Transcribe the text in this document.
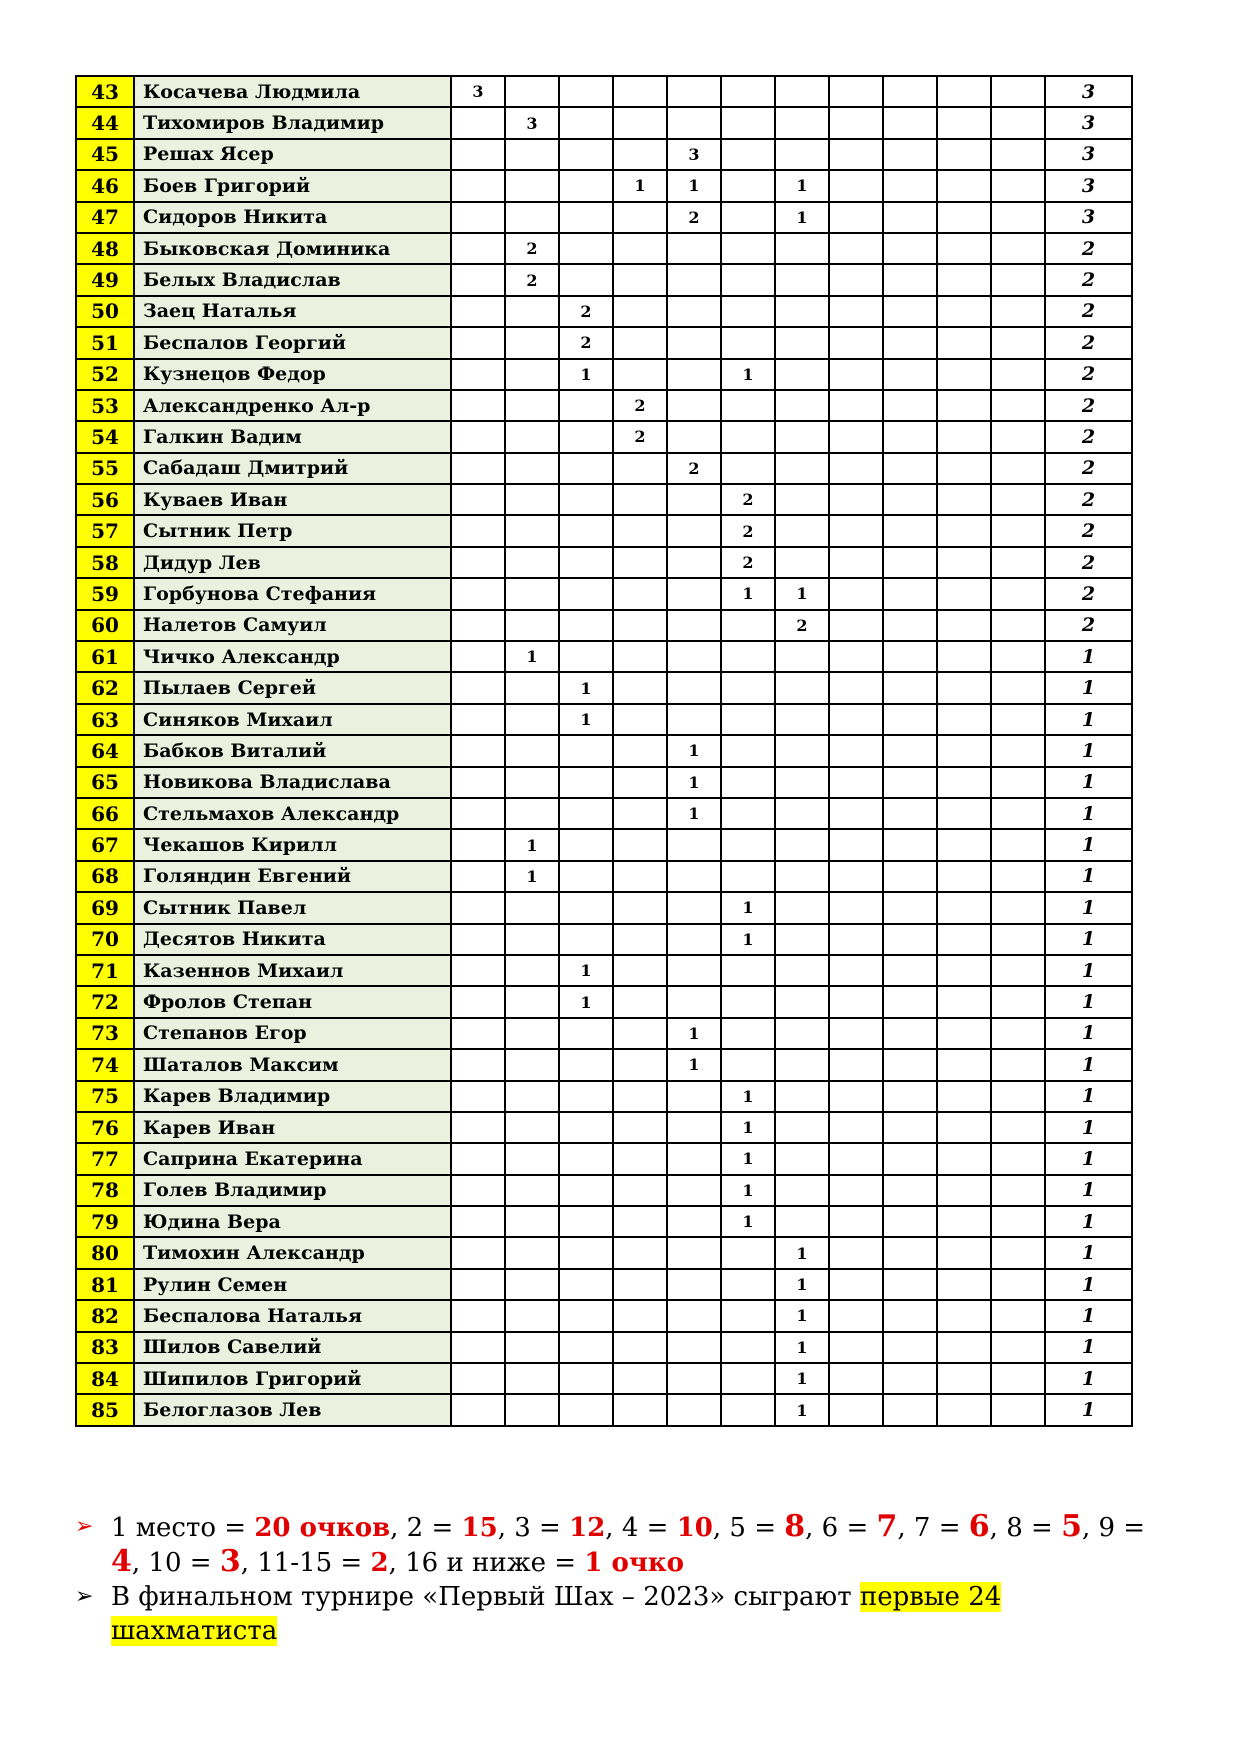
43	Косачева Людмила	3											3
44	Тихомиров Владимир		3										3
45	Решах Ясер					3							3
46	Боев Григорий				1	1		1					3
47	Сидоров Никита					2		1					3
48	Быковская Доминика		2										2
49	Белых Владислав		2										2
50	Заец Наталья			2									2
51	Беспалов Георгий			2									2
52	Кузнецов Федор			1			1						2
53	Александренко Ал-р				2								2
54	Галкин Вадим				2								2
55	Сабадаш Дмитрий					2							2
56	Куваев Иван						2						2
57	Сытник Петр						2						2
58	Дидур Лев						2						2
59	Горбунова Стефания						1	1					2
60	Налетов Самуил							2					2
61	Чичко Александр		1										1
62	Пылаев Сергей			1									1
63	Синяков Михаил			1									1
64	Бабков Виталий					1							1
65	Новикова Владислава					1							1
66	Стельмахов Александр					1							1
67	Чекашов Кирилл		1										1
68	Голяндин Евгений		1										1
69	Сытник Павел						1						1
70	Десятов Никита						1						1
71	Казеннов Михаил			1									1
72	Фролов Степан			1									1
73	Степанов Егор					1							1
74	Шаталов Максим					1							1
75	Карев Владимир						1						1
76	Карев Иван						1						1
77	Саприна Екатерина						1						1
78	Голев Владимир						1						1
79	Юдина Вера						1						1
80	Тимохин Александр							1					1
81	Рулин Семен							1					1
82	Беспалова Наталья							1					1
83	Шилов Савелий							1					1
84	Шипилов Григорий							1					1
85	Белоглазов Лев							1					1
➢ 1 место = 20 очков, 2 = 15, 3 = 12, 4 = 10, 5 = 8, 6 = 7, 7 = 6, 8 = 5, 9 = 4, 10 = 3, 11-15 = 2, 16 и ниже = 1 очко
➢ В финальном турнире «Первый Шах – 2023» сыграют первые 24 шахматиста
